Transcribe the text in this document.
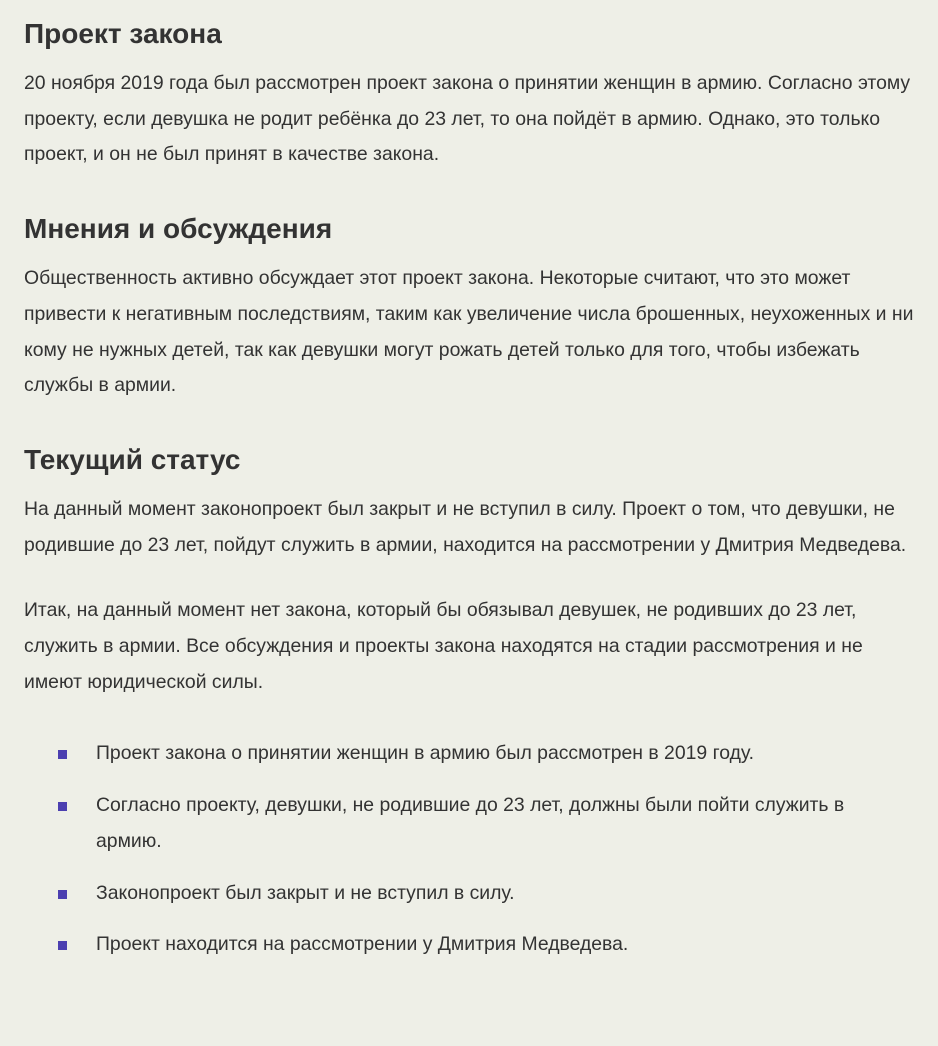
Проект закона

20 ноября 2019 года был рассмотрен проект закона о принятии женщин в армию. Согласно этому проекту, если девушка не родит ребёнка до 23 лет, то она пойдёт в армию. Однако, это только проект, и он не был принят в качестве закона.

Мнения и обсуждения

Общественность активно обсуждает этот проект закона. Некоторые считают, что это может привести к негативным последствиям, таким как увеличение числа брошенных, неухоженных и ни кому не нужных детей, так как девушки могут рожать детей только для того, чтобы избежать службы в армии.

Текущий статус

На данный момент законопроект был закрыт и не вступил в силу. Проект о том, что девушки, не родившие до 23 лет, пойдут служить в армии, находится на рассмотрении у Дмитрия Медведева.

Итак, на данный момент нет закона, который бы обязывал девушек, не родивших до 23 лет, служить в армии. Все обсуждения и проекты закона находятся на стадии рассмотрения и не имеют юридической силы.

Проект закона о принятии женщин в армию был рассмотрен в 2019 году.
Согласно проекту, девушки, не родившие до 23 лет, должны были пойти служить в армию.
Законопроект был закрыт и не вступил в силу.
Проект находится на рассмотрении у Дмитрия Медведева.
